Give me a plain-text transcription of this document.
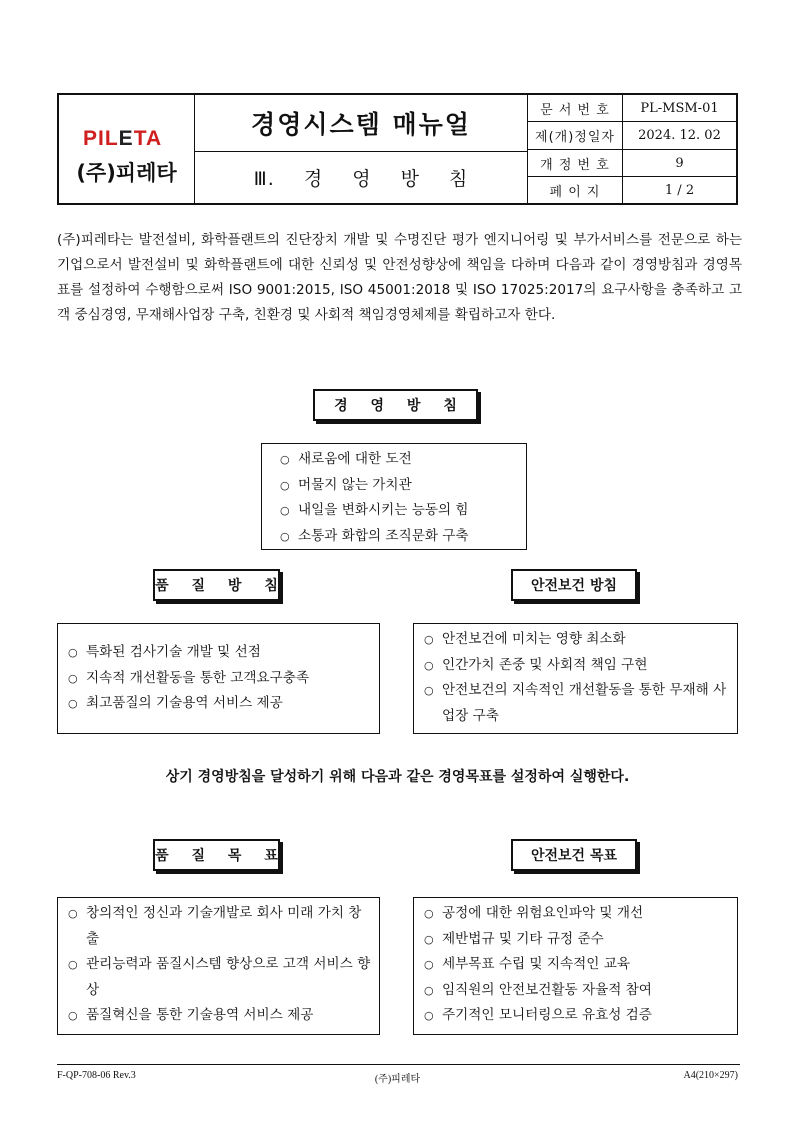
PILETA
(주)피레타
경영시스템 매뉴얼
Ⅲ. 경 영 방 침
문 서 번 호	PL-MSM-01
제(개)정일자	2024. 12. 02
개 정 번 호	9
페 이 지	1 / 2
(주)피레타는 발전설비, 화학플랜트의 진단장치 개발 및 수명진단 평가 엔지니어링 및 부가서비스를 전문으로 하는 기업으로서 발전설비 및 화학플랜트에 대한 신뢰성 및 안전성향상에 책임을 다하며 다음과 같이 경영방침과 경영목표를 설정하여 수행함으로써 ISO 9001:2015, ISO 45001:2018 및 ISO 17025:2017의 요구사항을 충족하고 고객 중심경영, 무재해사업장 구축, 친환경 및 사회적 책임경영체제를 확립하고자 한다.
경 영 방 침
○ 새로움에 대한 도전
○ 머물지 않는 가치관
○ 내일을 변화시키는 능동의 힘
○ 소통과 화합의 조직문화 구축
품 질 방 침
○ 특화된 검사기술 개발 및 선점
○ 지속적 개선활동을 통한 고객요구충족
○ 최고품질의 기술용역 서비스 제공
안전보건 방침
○ 안전보건에 미치는 영향 최소화
○ 인간가치 존중 및 사회적 책임 구현
○ 안전보건의 지속적인 개선활동을 통한 무재해 사업장 구축
상기 경영방침을 달성하기 위해 다음과 같은 경영목표를 설정하여 실행한다.
품 질 목 표
○ 창의적인 정신과 기술개발로 회사 미래 가치 창출
○ 관리능력과 품질시스템 향상으로 고객 서비스 향상
○ 품질혁신을 통한 기술용역 서비스 제공
안전보건 목표
○ 공정에 대한 위험요인파악 및 개선
○ 제반법규 및 기타 규정 준수
○ 세부목표 수립 및 지속적인 교육
○ 임직원의 안전보건활동 자율적 참여
○ 주기적인 모니터링으로 유효성 검증
F-QP-708-06 Rev.3	(주)피레타	A4(210×297)
